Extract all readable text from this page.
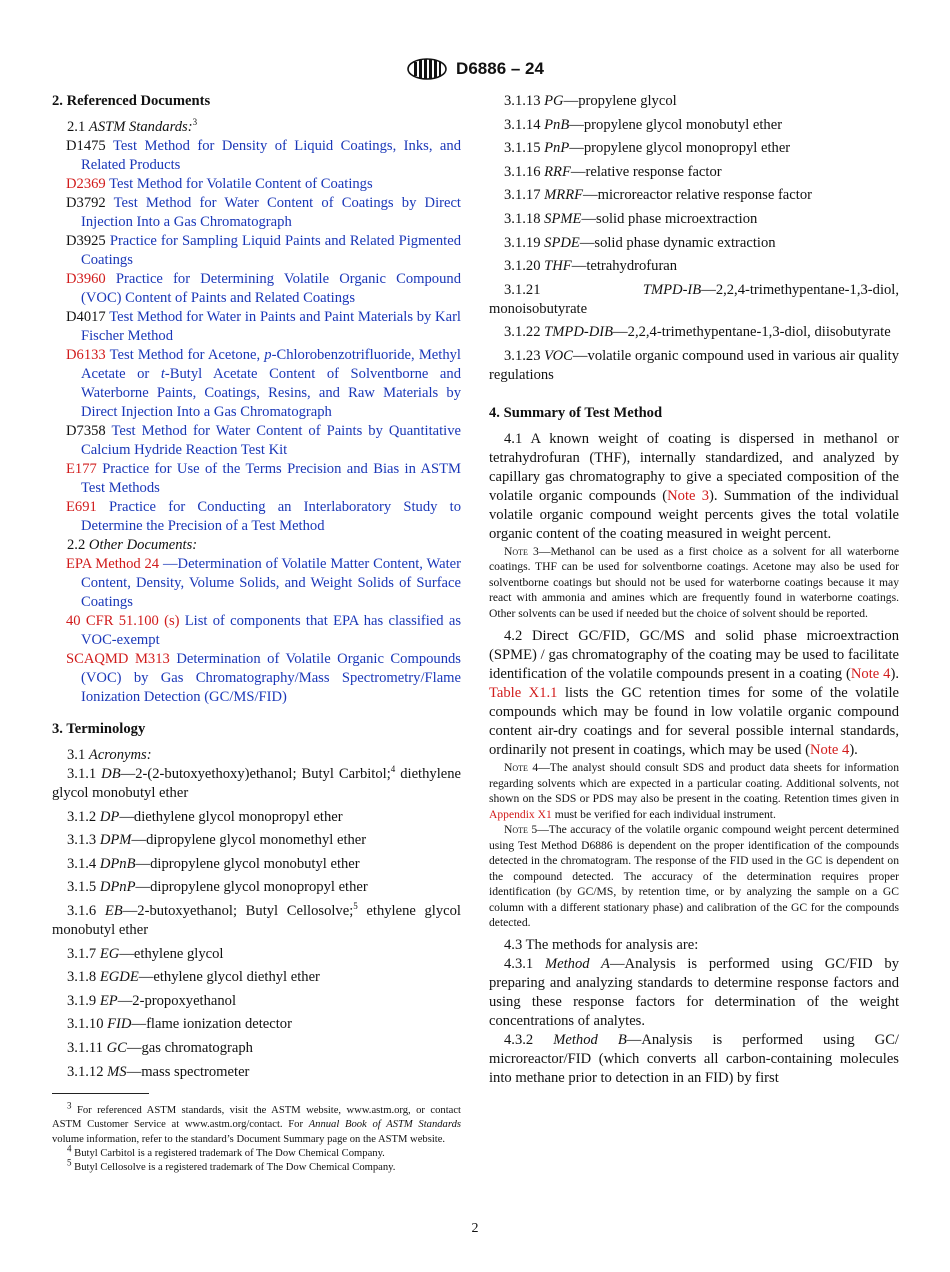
D6886 – 24
2. Referenced Documents

2.1 ASTM Standards:$^3$

D1475 Test Method for Density of Liquid Coatings, Inks, and Related Products

D2369 Test Method for Volatile Content of Coatings

D3792 Test Method for Water Content of Coatings by Direct Injection Into a Gas Chromatograph

D3925 Practice for Sampling Liquid Paints and Related Pigmented Coatings

D3960 Practice for Determining Volatile Organic Compound (VOC) Content of Paints and Related Coatings

D4017 Test Method for Water in Paints and Paint Materials by Karl Fischer Method

D6133 Test Method for Acetone, p-Chlorobenzotrifluoride, Methyl Acetate or t-Butyl Acetate Content of Solventborne and Waterborne Paints, Coatings, Resins, and Raw Materials by Direct Injection Into a Gas Chromatograph

D7358 Test Method for Water Content of Paints by Quantitative Calcium Hydride Reaction Test Kit

E177 Practice for Use of the Terms Precision and Bias in ASTM Test Methods

E691 Practice for Conducting an Interlaboratory Study to Determine the Precision of a Test Method

2.2 Other Documents:

EPA Method 24 —Determination of Volatile Matter Content, Water Content, Density, Volume Solids, and Weight Solids of Surface Coatings

40 CFR 51.100 (s) List of components that EPA has classified as VOC-exempt

SCAQMD M313 Determination of Volatile Organic Compounds (VOC) by Gas Chromatography/Mass Spectrometry/Flame Ionization Detection (GC/MS/FID)

3. Terminology

3.1 Acronyms:

3.1.1 DB—2-(2-butoxyethoxy)ethanol; Butyl Carbitol;$^4$ diethylene glycol monobutyl ether

3.1.2 DP—diethylene glycol monopropyl ether

3.1.3 DPM—dipropylene glycol monomethyl ether

3.1.4 DPnB—dipropylene glycol monobutyl ether

3.1.5 DPnP—dipropylene glycol monopropyl ether

3.1.6 EB—2-butoxyethanol; Butyl Cellosolve;$^5$ ethylene glycol monobutyl ether

3.1.7 EG—ethylene glycol

3.1.8 EGDE—ethylene glycol diethyl ether

3.1.9 EP—2-propoxyethanol

3.1.10 FID—flame ionization detector

3.1.11 GC—gas chromatograph

3.1.12 MS—mass spectrometer

3.1.13 PG—propylene glycol

3.1.14 PnB—propylene glycol monobutyl ether

3.1.15 PnP—propylene glycol monopropyl ether

3.1.16 RRF—relative response factor

3.1.17 MRRF—microreactor relative response factor

3.1.18 SPME—solid phase microextraction

3.1.19 SPDE—solid phase dynamic extraction

3.1.20 THF—tetrahydrofuran

3.1.21	TMPD-IB—2,2,4-trimethypentane-1,3-diol, monoisobutyrate

3.1.22 TMPD-DIB—2,2,4-trimethypentane-1,3-diol, diisobutyrate

3.1.23 VOC—volatile organic compound used in various air quality regulations

4. Summary of Test Method

4.1 A known weight of coating is dispersed in methanol or tetrahydrofuran (THF), internally standardized, and analyzed by capillary gas chromatography to give a speciated composition of the volatile organic compounds (Note 3). Summation of the individual volatile organic compound weight percents gives the total volatile organic content of the coating measured in weight percent.

Note 3—Methanol can be used as a first choice as a solvent for all waterborne coatings. THF can be used for solventborne coatings. Acetone may also be used for solventborne coatings but should not be used for waterborne coatings because it may react with ammonia and amines which are frequently found in waterborne coatings. Other solvents can be used if needed but the choice of solvent should be reported.

4.2 Direct GC/FID, GC/MS and solid phase microextraction (SPME) / gas chromatography of the coating may be used to facilitate identification of the volatile compounds present in a coating (Note 4). Table X1.1 lists the GC retention times for some of the volatile compounds which may be found in low volatile organic compound content air-dry coatings and for several possible internal standards, ordinarily not present in coatings, which may be used (Note 4).

Note 4—The analyst should consult SDS and product data sheets for information regarding solvents which are expected in a particular coating. Additional solvents, not shown on the SDS or PDS may also be present in the coating. Retention times given in Appendix X1 must be verified for each individual instrument.

Note 5—The accuracy of the volatile organic compound weight percent determined using Test Method D6886 is dependent on the proper identification of the compounds detected in the chromatogram. The response of the FID used in the GC is dependent on the compound detected. The accuracy of the determination requires proper identification (by GC/MS, by retention time, or by analyzing the sample on a GC column with a different stationary phase) and calibration of the GC for the compounds detected.

4.3 The methods for analysis are:

4.3.1 Method A—Analysis is performed using GC/FID by preparing and analyzing standards to determine response factors and using these response factors for determination of the weight concentrations of analytes.

4.3.2 Method B—Analysis is performed using GC/ microreactor/FID (which converts all carbon-containing molecules into methane prior to detection in an FID) by first

$^3$ For referenced ASTM standards, visit the ASTM website, www.astm.org, or contact ASTM Customer Service at www.astm.org/contact. For Annual Book of ASTM Standards volume information, refer to the standard’s Document Summary page on the ASTM website.

$^4$ Butyl Carbitol is a registered trademark of The Dow Chemical Company.

$^5$ Butyl Cellosolve is a registered trademark of The Dow Chemical Company.

2
